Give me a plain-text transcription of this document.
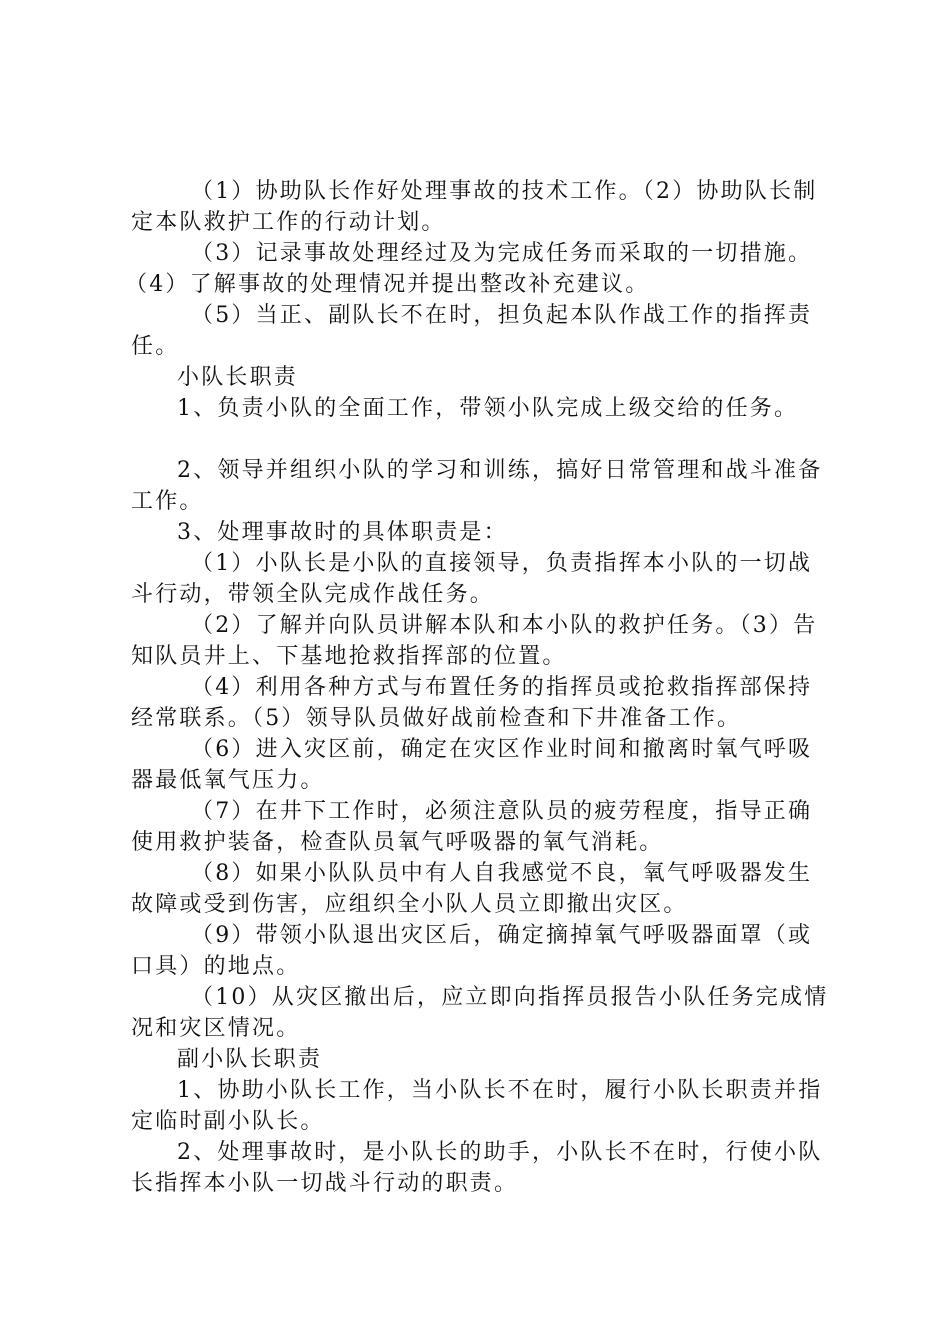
（1）协助队长作好处理事故的技术工作。（2）协助队长制定本队救护工作的行动计划。

（3）记录事故处理经过及为完成任务而采取的一切措施。

（4）了解事故的处理情况并提出整改补充建议。

（5）当正、副队长不在时，担负起本队作战工作的指挥责任。

小队长职责

1、负责小队的全面工作，带领小队完成上级交给的任务。

2、领导并组织小队的学习和训练，搞好日常管理和战斗准备工作。

3、处理事故时的具体职责是：

（1）小队长是小队的直接领导，负责指挥本小队的一切战斗行动，带领全队完成作战任务。

（2）了解并向队员讲解本队和本小队的救护任务。（3）告知队员井上、下基地抢救指挥部的位置。

（4）利用各种方式与布置任务的指挥员或抢救指挥部保持经常联系。（5）领导队员做好战前检查和下井准备工作。

（6）进入灾区前，确定在灾区作业时间和撤离时氧气呼吸器最低氧气压力。

（7）在井下工作时，必须注意队员的疲劳程度，指导正确使用救护装备，检查队员氧气呼吸器的氧气消耗。

（8）如果小队队员中有人自我感觉不良，氧气呼吸器发生故障或受到伤害，应组织全小队人员立即撤出灾区。

（9）带领小队退出灾区后，确定摘掉氧气呼吸器面罩（或口具）的地点。

（10）从灾区撤出后，应立即向指挥员报告小队任务完成情况和灾区情况。

副小队长职责

1、协助小队长工作，当小队长不在时，履行小队长职责并指定临时副小队长。

2、处理事故时，是小队长的助手，小队长不在时，行使小队长指挥本小队一切战斗行动的职责。
